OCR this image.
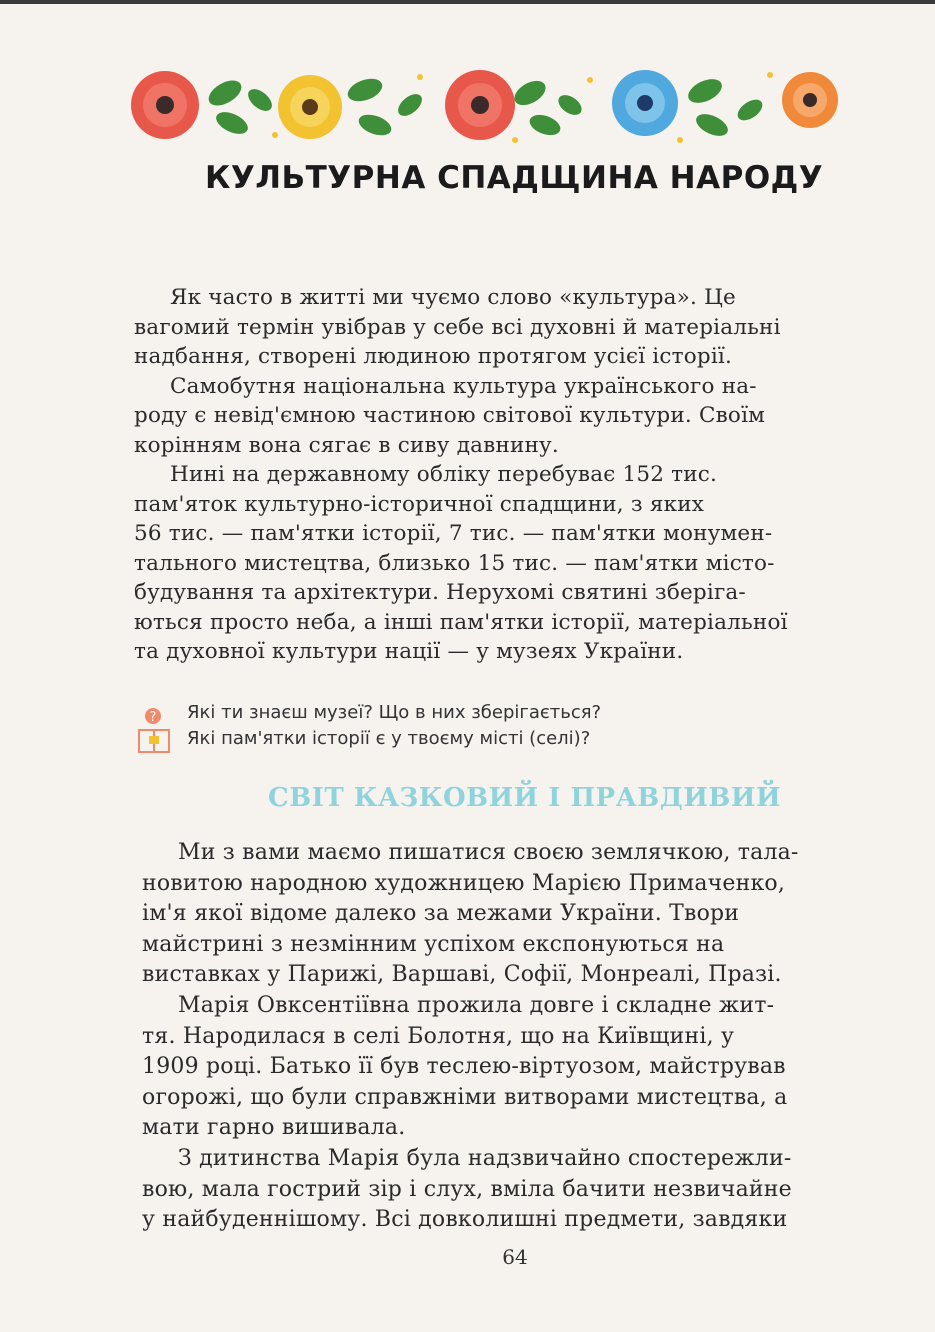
КУЛЬТУРНА СПАДЩИНА НАРОДУ
Як часто в житті ми чуємо слово «культура». Це
вагомий термін увібрав у себе всі духовні й матеріальні
надбання, створені людиною протягом усієї історії.
Самобутня національна культура українського на-
роду є невід'ємною частиною світової культури. Своїм
корінням вона сягає в сиву давнину.
Нині на державному обліку перебуває 152 тис.
пам'яток культурно-історичної спадщини, з яких
56 тис. — пам'ятки історії, 7 тис. — пам'ятки монумен-
тального мистецтва, близько 15 тис. — пам'ятки місто-
будування та архітектури. Нерухомі святині зберіга-
ються просто неба, а інші пам'ятки історії, матеріальної
та духовної культури нації — у музеях України.
? Які ти знаєш музеї? Що в них зберігається?
Які пам'ятки історії є у твоєму місті (селі)?
СВІТ КАЗКОВИЙ І ПРАВДИВИЙ
Ми з вами маємо пишатися своєю землячкою, тала-
новитою народною художницею Марією Примаченко,
ім'я якої відоме далеко за межами України. Твори
майстрині з незмінним успіхом експонуються на
виставках у Парижі, Варшаві, Софії, Монреалі, Празі.
Марія Овксентіївна прожила довге і складне жит-
тя. Народилася в селі Болотня, що на Київщині, у
1909 році. Батько її був теслею-віртуозом, майстрував
огорожі, що були справжніми витворами мистецтва, а
мати гарно вишивала.
З дитинства Марія була надзвичайно спостережли-
вою, мала гострий зір і слух, вміла бачити незвичайне
у найбуденнішому. Всі довколишні предмети, завдяки
64
